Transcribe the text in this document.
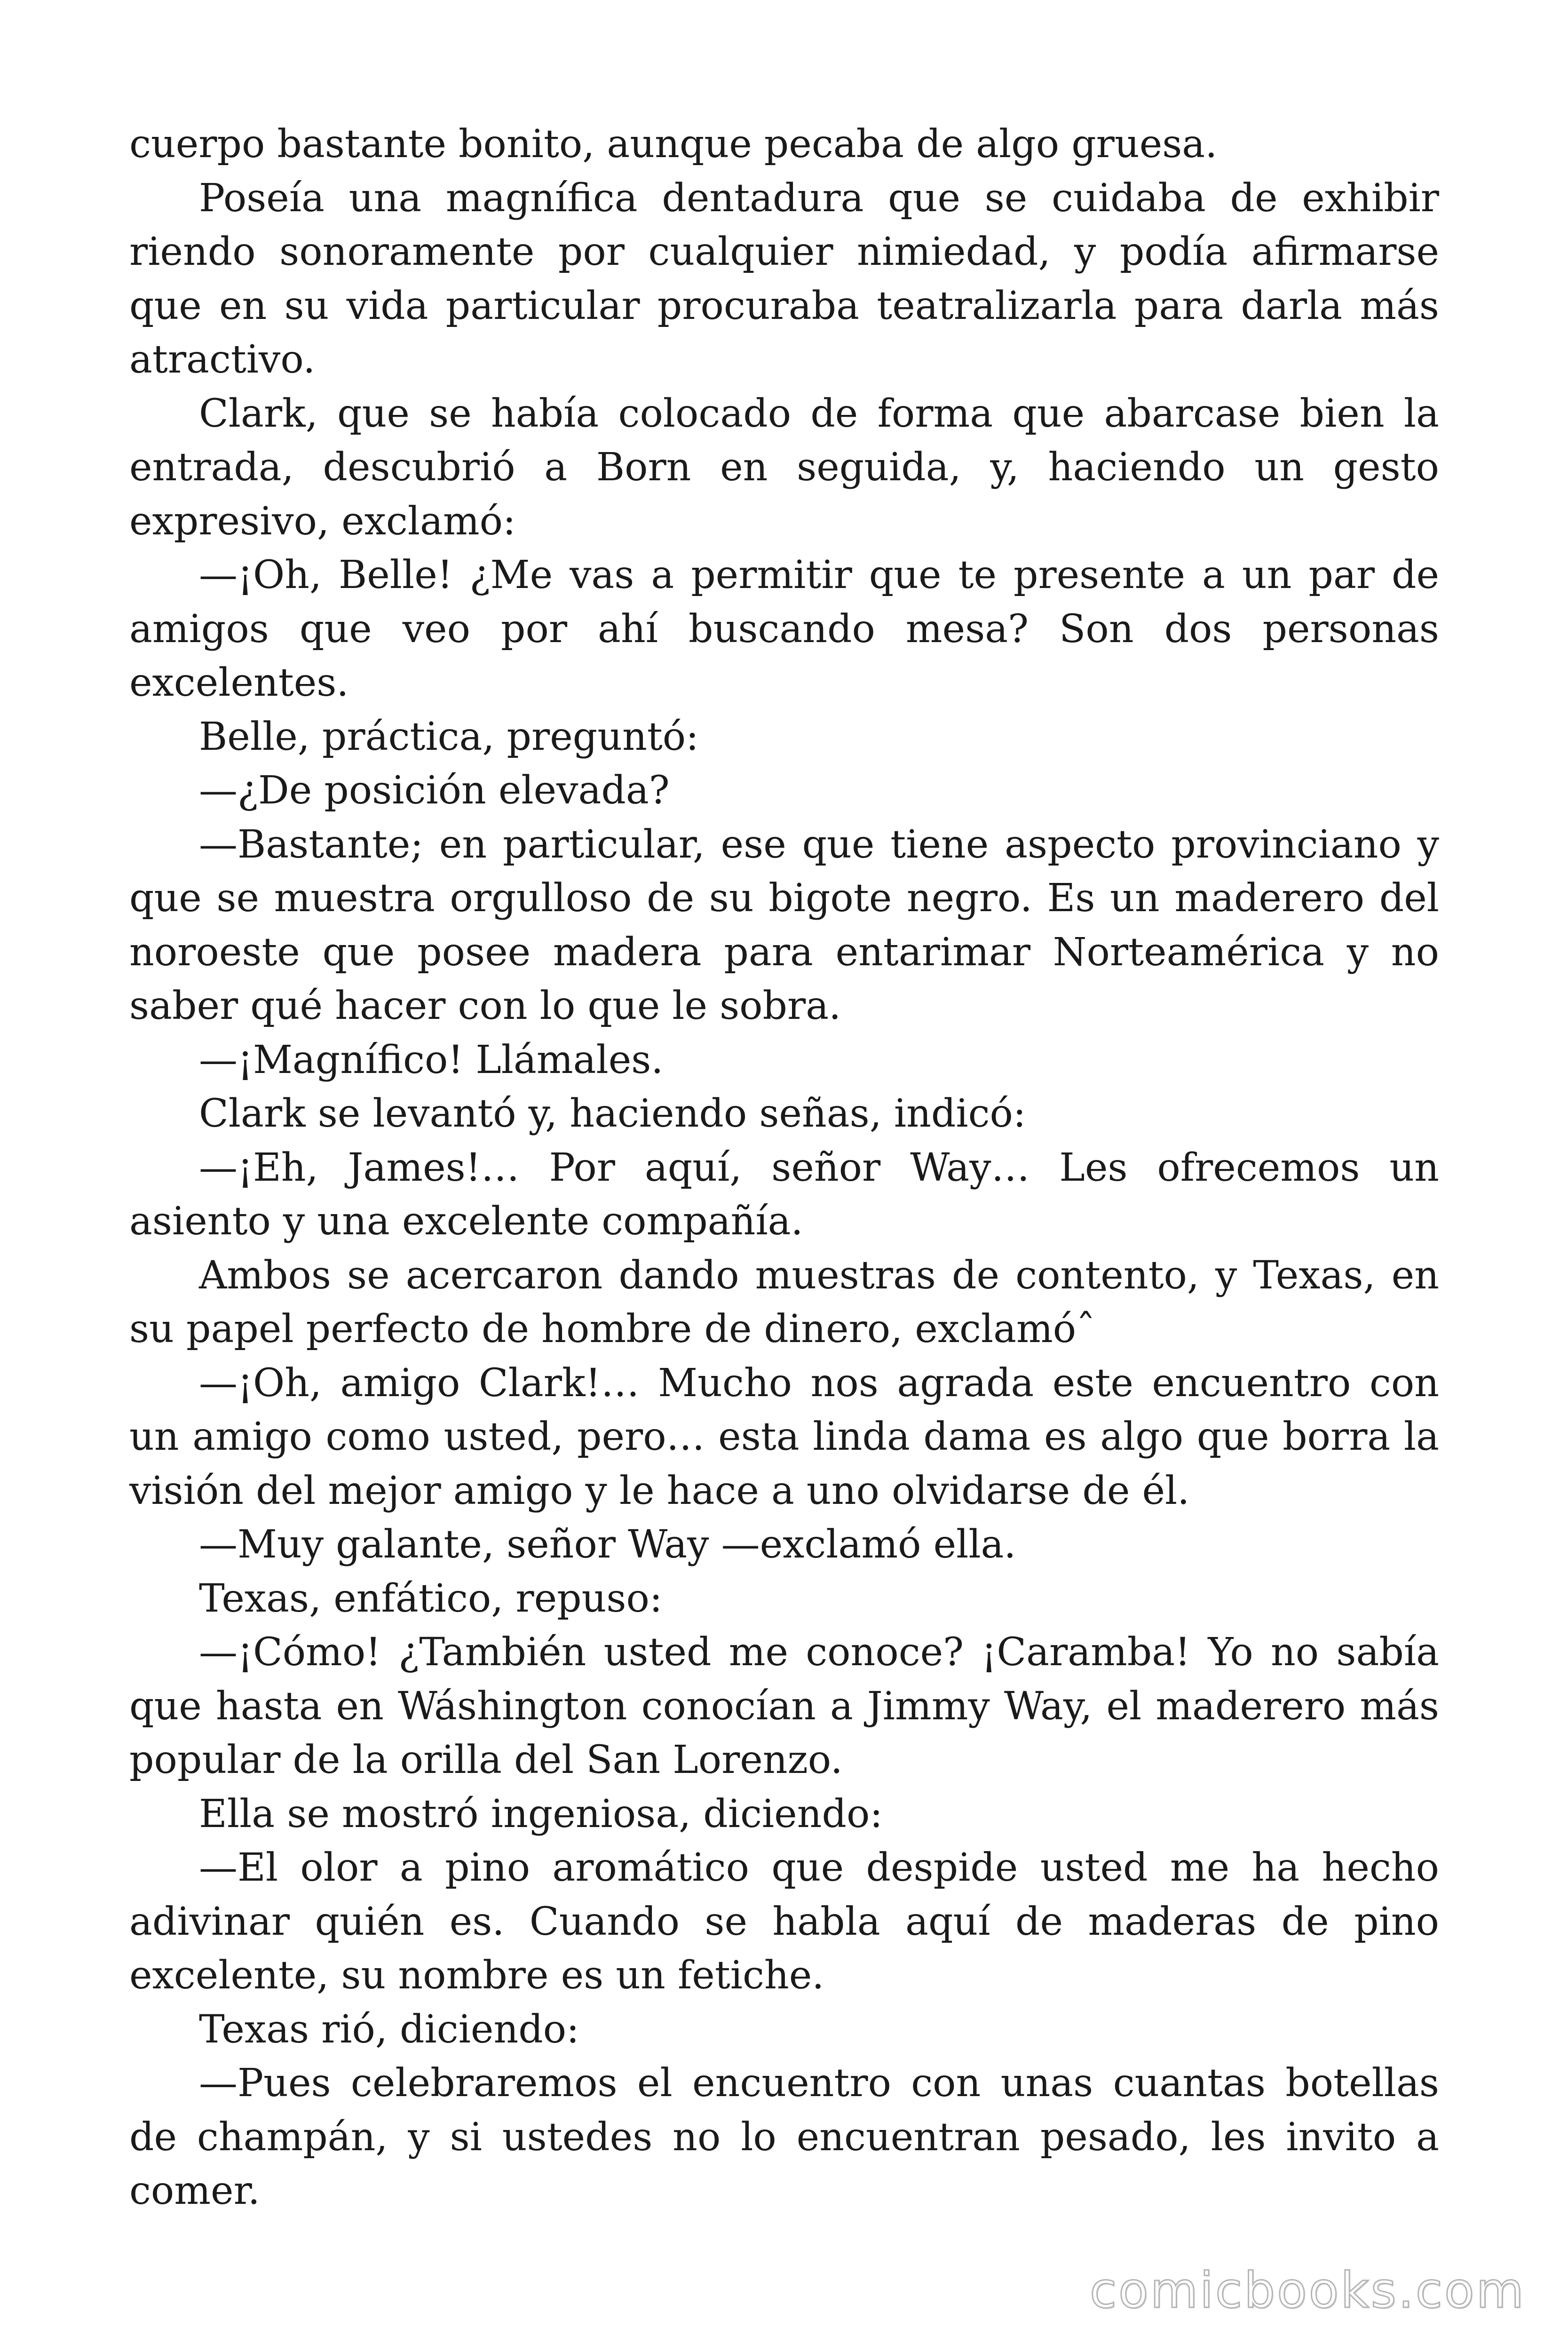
cuerpo bastante bonito, aunque pecaba de algo gruesa.

Poseía una magnífica dentadura que se cuidaba de exhibir riendo sonoramente por cualquier nimiedad, y podía afirmarse que en su vida particular procuraba teatralizarla para darla más atractivo.

Clark, que se había colocado de forma que abarcase bien la entrada, descubrió a Born en seguida, y, haciendo un gesto expresivo, exclamó:

—¡Oh, Belle! ¿Me vas a permitir que te presente a un par de amigos que veo por ahí buscando mesa? Son dos personas excelentes.

Belle, práctica, preguntó:

—¿De posición elevada?

—Bastante; en particular, ese que tiene aspecto provinciano y que se muestra orgulloso de su bigote negro. Es un maderero del noroeste que posee madera para entarimar Norteamérica y no saber qué hacer con lo que le sobra.

—¡Magnífico! Llámales.

Clark se levantó y, haciendo señas, indicó:

—¡Eh, James!… Por aquí, señor Way… Les ofrecemos un asiento y una excelente compañía.

Ambos se acercaron dando muestras de contento, y Texas, en su papel perfecto de hombre de dinero, exclamóˆ

—¡Oh, amigo Clark!… Mucho nos agrada este encuentro con un amigo como usted, pero… esta linda dama es algo que borra la visión del mejor amigo y le hace a uno olvidarse de él.

—Muy galante, señor Way —exclamó ella.

Texas, enfático, repuso:

—¡Cómo! ¿También usted me conoce? ¡Caramba! Yo no sabía que hasta en Wáshington conocían a Jimmy Way, el maderero más popular de la orilla del San Lorenzo.

Ella se mostró ingeniosa, diciendo:

—El olor a pino aromático que despide usted me ha hecho adivinar quién es. Cuando se habla aquí de maderas de pino excelente, su nombre es un fetiche.

Texas rió, diciendo:

—Pues celebraremos el encuentro con unas cuantas botellas de champán, y si ustedes no lo encuentran pesado, les invito a comer.

comicbooks.com
